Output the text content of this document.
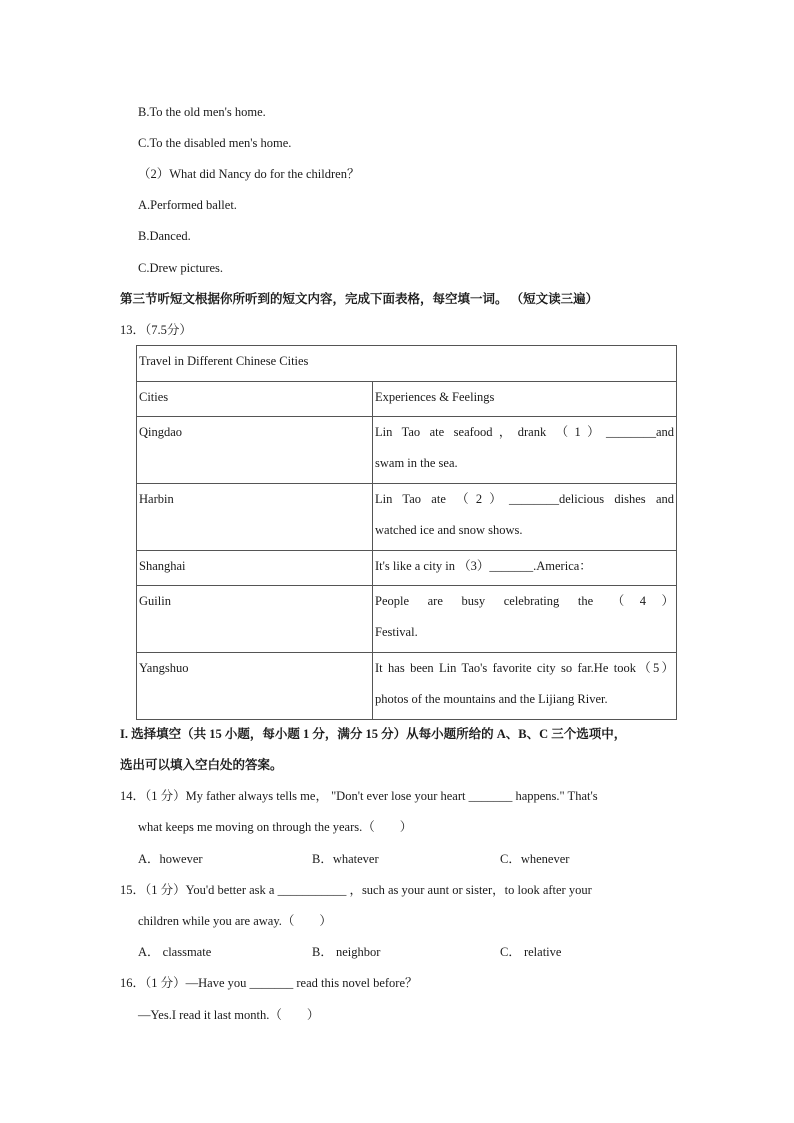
B.To the old men's home.
C.To the disabled men's home.
（2）What did Nancy do for the children？
A.Performed ballet.
B.Danced.
C.Drew pictures.
第三节听短文根据你所听到的短文内容，完成下面表格，每空填一词。 （短文读三遍）
13．（7.5分）
Travel in Different Chinese Cities	
Cities	Experiences & Feelings
Qingdao	Lin Tao ate seafood，drank （1）________and
swam in the sea.

Harbin	Lin Tao ate （2）________delicious dishes and
watched ice and snow shows.

Shanghai	It's like a city in （3）_______.America：

Guilin	People are busy celebrating the （4）
Festival.

Yangshuo	It has been Lin Tao's favorite city so far.He took（5）
photos of the mountains and the Lijiang River.
I. 选择填空（共 15 小题，每小题 1 分，满分 15 分）从每小题所给的 A、B、C 三个选项中，
选出可以填入空白处的答案。
14．（1 分）My father always tells me， "Don't ever lose your heart _______ happens." That's
what keeps me moving on through the years.（　　）
A．however	B．whatever	C．whenever
15．（1 分）You'd better ask a ___________ ，such as your aunt or sister，to look after your
children while you are away.（　　）
A． classmate	B． neighbor	C． relative
16．（1 分）—Have you _______ read this novel before？
—Yes.I read it last month.（　　）
